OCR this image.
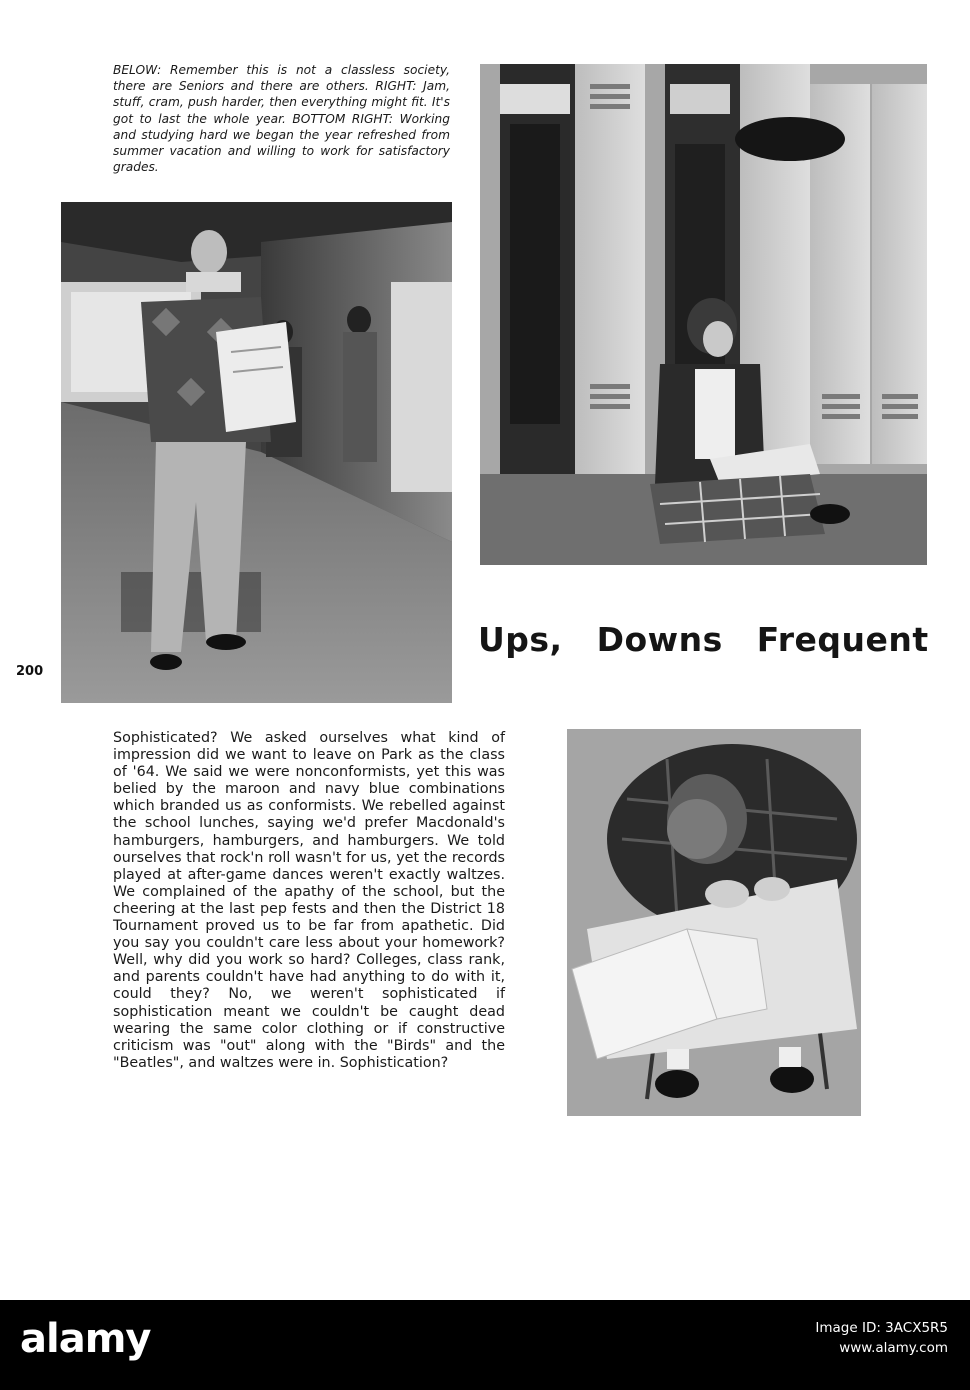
BELOW: Remember this is not a classless society, there are Seniors and there are others. RIGHT: Jam, stuff, cram, push harder, then everything might fit. It's got to last the whole year. BOTTOM RIGHT: Working and studying hard we began the year refreshed from summer vacation and willing to work for satisfactory grades.

200
Ups, Downs Frequent

Sophisticated? We asked ourselves what kind of impression did we want to leave on Park as the class of '64. We said we were nonconformists, yet this was belied by the maroon and navy blue combinations which branded us as conformists. We rebelled against the school lunches, saying we'd prefer Macdonald's hamburgers, hamburgers, and hamburgers. We told ourselves that rock'n roll wasn't for us, yet the records played at after-game dances weren't exactly waltzes. We complained of the apathy of the school, but the cheering at the last pep fests and then the District 18 Tournament proved us to be far from apathetic. Did you say you couldn't care less about your homework? Well, why did you work so hard? Colleges, class rank, and parents couldn't have had anything to do with it, could they? No, we weren't sophisticated if sophistication meant we couldn't be caught dead wearing the same color clothing or if constructive criticism was "out" along with the "Birds" and the "Beatles", and waltzes were in. Sophistication?

alamy	Image ID: 3ACX5R5
www.alamy.com
